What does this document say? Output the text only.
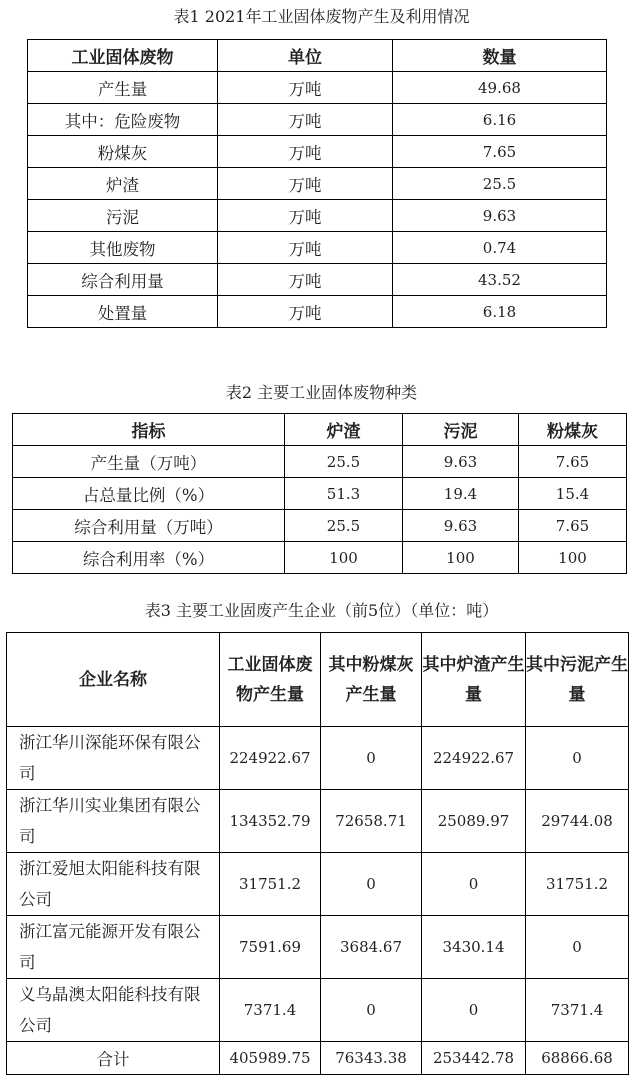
表1 2021年工业固体废物产生及利用情况
工业固体废物	单位	数量
产生量	万吨	49.68
其中：危险废物	万吨	6.16
粉煤灰	万吨	7.65
炉渣	万吨	25.5
污泥	万吨	9.63
其他废物	万吨	0.74
综合利用量	万吨	43.52
处置量	万吨	6.18
表2 主要工业固体废物种类
指标	炉渣	污泥	粉煤灰
产生量（万吨）	25.5	9.63	7.65
占总量比例（%）	51.3	19.4	15.4
综合利用量（万吨）	25.5	9.63	7.65
综合利用率（%）	100	100	100
表3 主要工业固废产生企业（前5位）（单位：吨）
企业名称	工业固体废物产生量	其中粉煤灰产生量	其中炉渣产生量	其中污泥产生量
浙江华川深能环保有限公司	224922.67	0	224922.67	0
浙江华川实业集团有限公司	134352.79	72658.71	25089.97	29744.08
浙江爱旭太阳能科技有限公司	31751.2	0	0	31751.2
浙江富元能源开发有限公司	7591.69	3684.67	3430.14	0
义乌晶澳太阳能科技有限公司	7371.4	0	0	7371.4
合计	405989.75	76343.38	253442.78	68866.68
